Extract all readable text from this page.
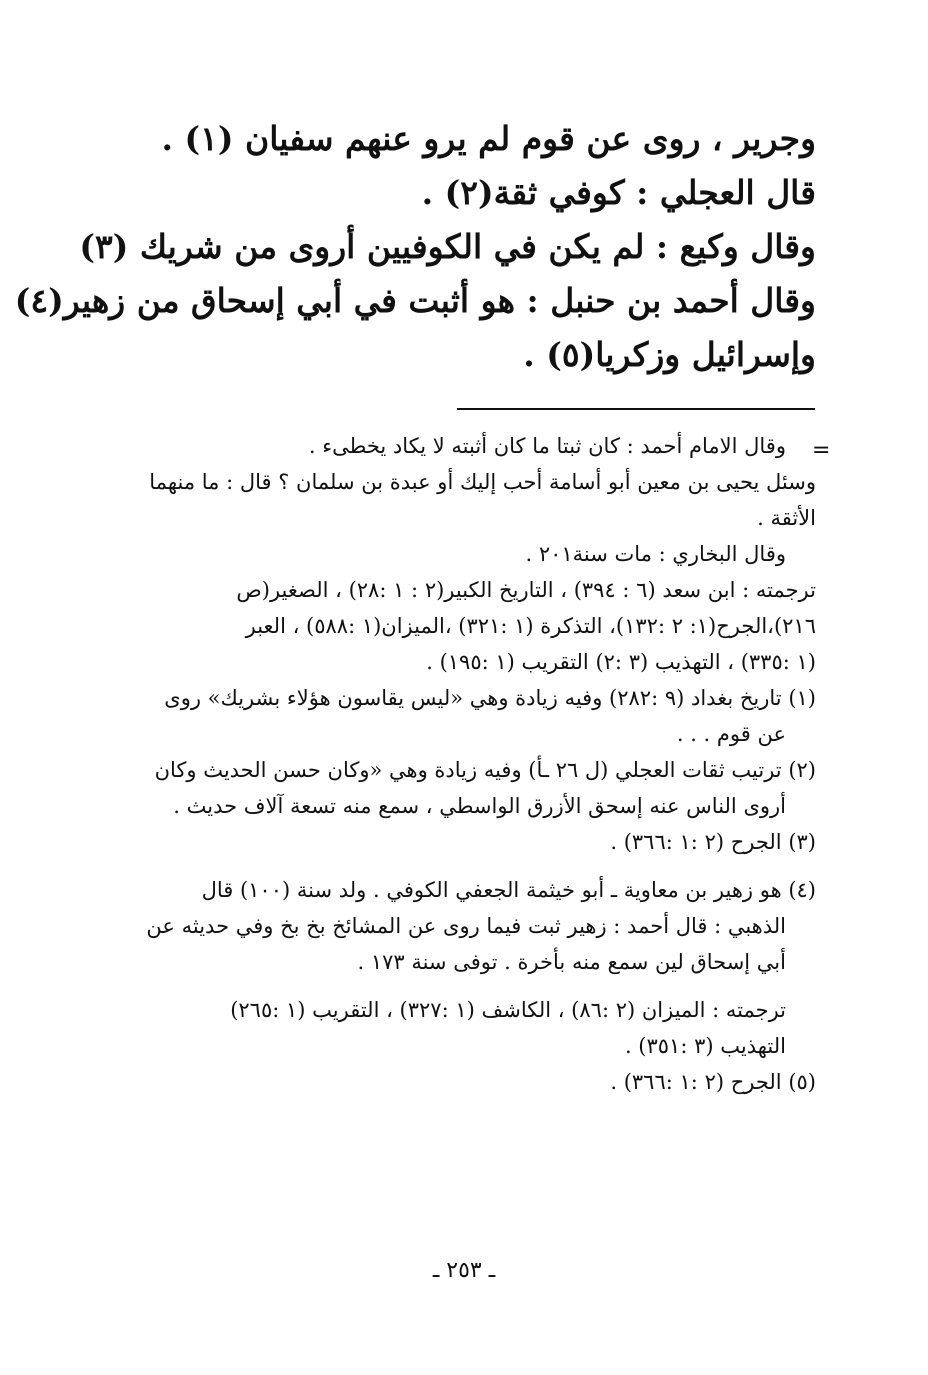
وجرير ، روى عن قوم لم يرو عنهم سفيان (١) .
قال العجلي : كوفي ثقة(٢) .
وقال وكيع : لم يكن في الكوفيين أروى من شريك (٣)
وقال أحمد بن حنبل : هو أثبت في أبي إسحاق من زهير(٤)
وإسرائيل وزكريا(٥) .
=
وقال الامام أحمد : كان ثبتا ما كان أثبته لا يكاد يخطىء .
وسئل يحيى بن معين أبو أسامة أحب إليك أو عبدة بن سلمان ؟ قال : ما منهما
الأثقة .
وقال البخاري : مات سنة٢٠١ .
ترجمته : ابن سعد (٦ : ٣٩٤) ، التاريخ الكبير(٢ : ١ :٢٨) ، الصغير(ص
٢١٦)،الجرح(١: ٢ :١٣٢)، التذكرة (١ :٣٢١) ،الميزان(١ :٥٨٨) ، العبر
(١ :٣٣٥) ، التهذيب (٣ :٢) التقريب (١ :١٩٥) .
(١) تاريخ بغداد (٩ :٢٨٢) وفيه زيادة وهي «ليس يقاسون هؤلاء بشريك» روى
عن قوم . . .
(٢) ترتيب ثقات العجلي (ل ٢٦ ـأ) وفيه زيادة وهي «وكان حسن الحديث وكان
أروى الناس عنه إسحق الأزرق الواسطي ، سمع منه تسعة آلاف حديث .
(٣) الجرح (٢ :١ :٣٦٦) .
(٤) هو زهير بن معاوية ـ أبو خيثمة الجعفي الكوفي . ولد سنة (١٠٠) قال
الذهبي : قال أحمد : زهير ثبت فيما روى عن المشائخ بخ بخ وفي حديثه عن
أبي إسحاق لين سمع منه بأخرة . توفى سنة ١٧٣ .
ترجمته : الميزان (٢ :٨٦) ، الكاشف (١ :٣٢٧) ، التقريب (١ :٢٦٥)
التهذيب (٣ :٣٥١) .
(٥) الجرح (٢ :١ :٣٦٦) .
ـ ٢٥٣ ـ
